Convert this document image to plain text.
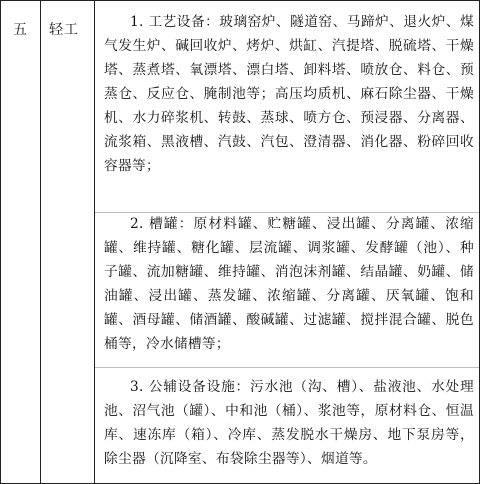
五 轻工	1. 工艺设备：玻璃窑炉、隧道窑、马蹄炉、退火炉、煤气发生炉、碱回收炉、烤炉、烘缸、汽提塔、脱硫塔、干燥塔、蒸煮塔、氧漂塔、漂白塔、卸料塔、喷放仓、料仓、预蒸仓、反应仓、腌制池等；高压均质机、麻石除尘器、干燥机、水力碎浆机、转鼓、蒸球、喷方仓、预浸器、分离器、流浆箱、黑液槽、汽鼓、汽包、澄清器、消化器、粉碎回收容器等；

2. 槽罐：原材料罐、贮糖罐、浸出罐、分离罐、浓缩罐、维持罐、糖化罐、层流罐、调浆罐、发酵罐（池）、种子罐、流加糖罐、维持罐、消泡沫剂罐、结晶罐、奶罐、储油罐、浸出罐、蒸发罐、浓缩罐、分离罐、厌氧罐、饱和罐、酒母罐、储酒罐、酸碱罐、过滤罐、搅拌混合罐、脱色桶等，冷水储槽等；

3. 公辅设备设施：污水池（沟、槽）、盐液池、水处理池、沼气池（罐）、中和池（桶）、浆池等，原材料仓、恒温库、速冻库（箱）、冷库、蒸发脱水干燥房、地下泵房等，除尘器（沉降室、布袋除尘器等）、烟道等。
